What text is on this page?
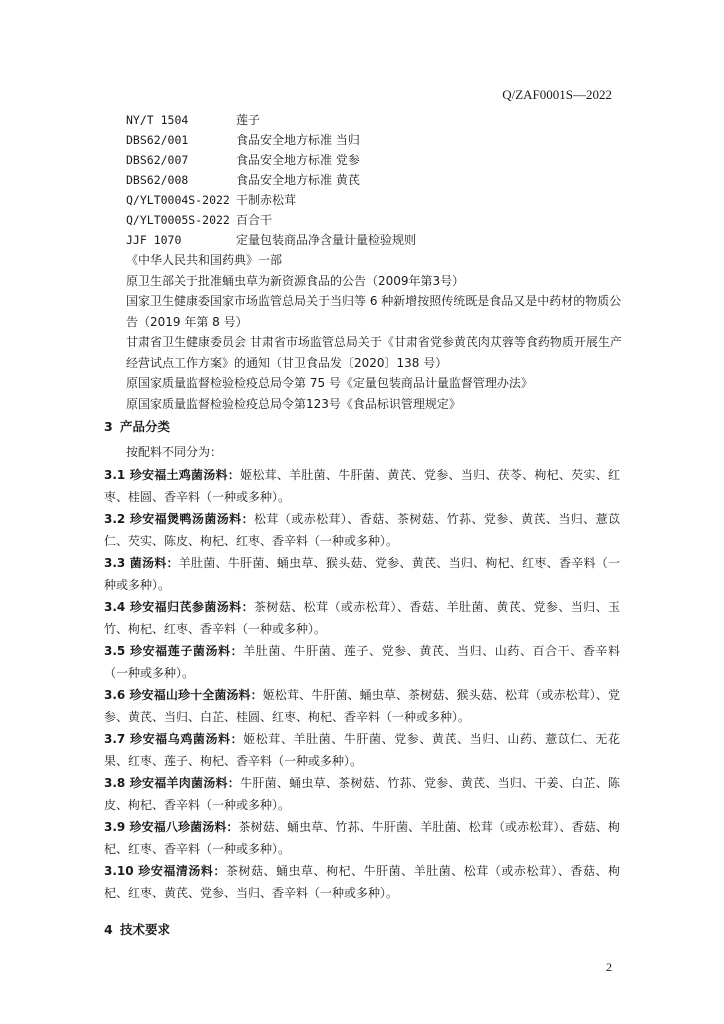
Q/ZAF0001S—2022
NY/T 1504	莲子
DBS62/001	食品安全地方标准 当归
DBS62/007	食品安全地方标准 党参
DBS62/008	食品安全地方标准 黄芪
Q/YLT0004S-2022 干制赤松茸
Q/YLT0005S-2022 百合干
JJF 1070	定量包装商品净含量计量检验规则
《中华人民共和国药典》一部
原卫生部关于批准蛹虫草为新资源食品的公告（2009年第3号）
国家卫生健康委国家市场监管总局关于当归等 6 种新增按照传统既是食品又是中药材的物质公告（2019 年第 8 号）
甘肃省卫生健康委员会 甘肃省市场监管总局关于《甘肃省党参黄芪肉苁蓉等食药物质开展生产经营试点工作方案》的通知（甘卫食品发〔2020〕138 号）
原国家质量监督检验检疫总局令第 75 号《定量包装商品计量监督管理办法》
原国家质量监督检验检疫总局令第123号《食品标识管理规定》
3 产品分类
按配料不同分为：

3.1 珍安福土鸡菌汤料：姬松茸、羊肚菌、牛肝菌、黄芪、党参、当归、茯苓、枸杞、芡实、红枣、桂圆、香辛料（一种或多种）。

3.2 珍安福煲鸭汤菌汤料：松茸（或赤松茸）、香菇、茶树菇、竹荪、党参、黄芪、当归、薏苡仁、芡实、陈皮、枸杞、红枣、香辛料（一种或多种）。

3.3 菌汤料：羊肚菌、牛肝菌、蛹虫草、猴头菇、党参、黄芪、当归、枸杞、红枣、香辛料（一种或多种）。

3.4 珍安福归芪参菌汤料：茶树菇、松茸（或赤松茸）、香菇、羊肚菌、黄芪、党参、当归、玉竹、枸杞、红枣、香辛料（一种或多种）。

3.5 珍安福莲子菌汤料：羊肚菌、牛肝菌、莲子、党参、黄芪、当归、山药、百合干、香辛料（一种或多种）。

3.6 珍安福山珍十全菌汤料：姬松茸、牛肝菌、蛹虫草、茶树菇、猴头菇、松茸（或赤松茸）、党参、黄芪、当归、白芷、桂圆、红枣、枸杞、香辛料（一种或多种）。

3.7 珍安福乌鸡菌汤料：姬松茸、羊肚菌、牛肝菌、党参、黄芪、当归、山药、薏苡仁、无花果、红枣、莲子、枸杞、香辛料（一种或多种）。

3.8 珍安福羊肉菌汤料：牛肝菌、蛹虫草、茶树菇、竹荪、党参、黄芪、当归、干姜、白芷、陈皮、枸杞、香辛料（一种或多种）。

3.9 珍安福八珍菌汤料：茶树菇、蛹虫草、竹荪、牛肝菌、羊肚菌、松茸（或赤松茸）、香菇、枸杞、红枣、香辛料（一种或多种）。

3.10 珍安福清汤料：茶树菇、蛹虫草、枸杞、牛肝菌、羊肚菌、松茸（或赤松茸）、香菇、枸杞、红枣、黄芪、党参、当归、香辛料（一种或多种）。

4 技术要求
2
